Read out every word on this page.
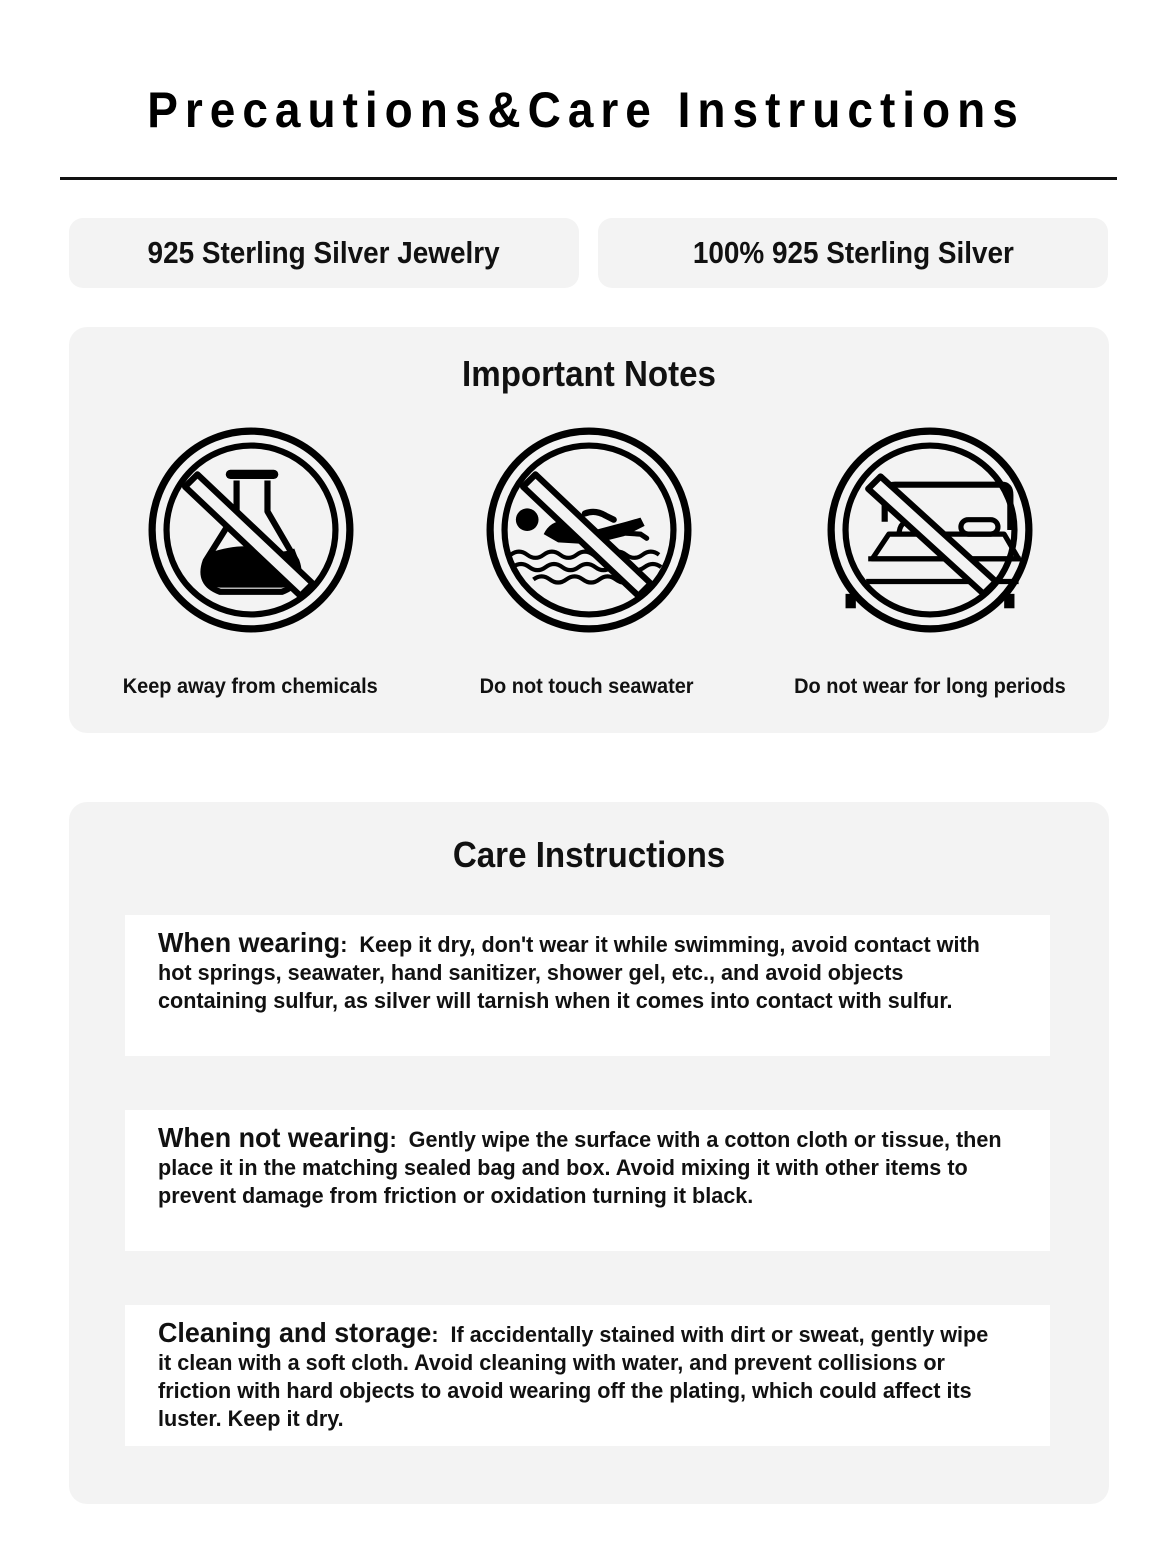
Precautions&Care Instructions
925 Sterling Silver Jewelry	100% 925 Sterling Silver
Important Notes
Keep away from chemicals	Do not touch seawater	Do not wear for long periods
Care Instructions

When wearing: Keep it dry, don't wear it while swimming, avoid contact with hot springs, seawater, hand sanitizer, shower gel, etc., and avoid objects containing sulfur, as silver will tarnish when it comes into contact with sulfur.

When not wearing: Gently wipe the surface with a cotton cloth or tissue, then place it in the matching sealed bag and box. Avoid mixing it with other items to prevent damage from friction or oxidation turning it black.

Cleaning and storage: If accidentally stained with dirt or sweat, gently wipe it clean with a soft cloth. Avoid cleaning with water, and prevent collisions or friction with hard objects to avoid wearing off the plating, which could affect its luster. Keep it dry.
